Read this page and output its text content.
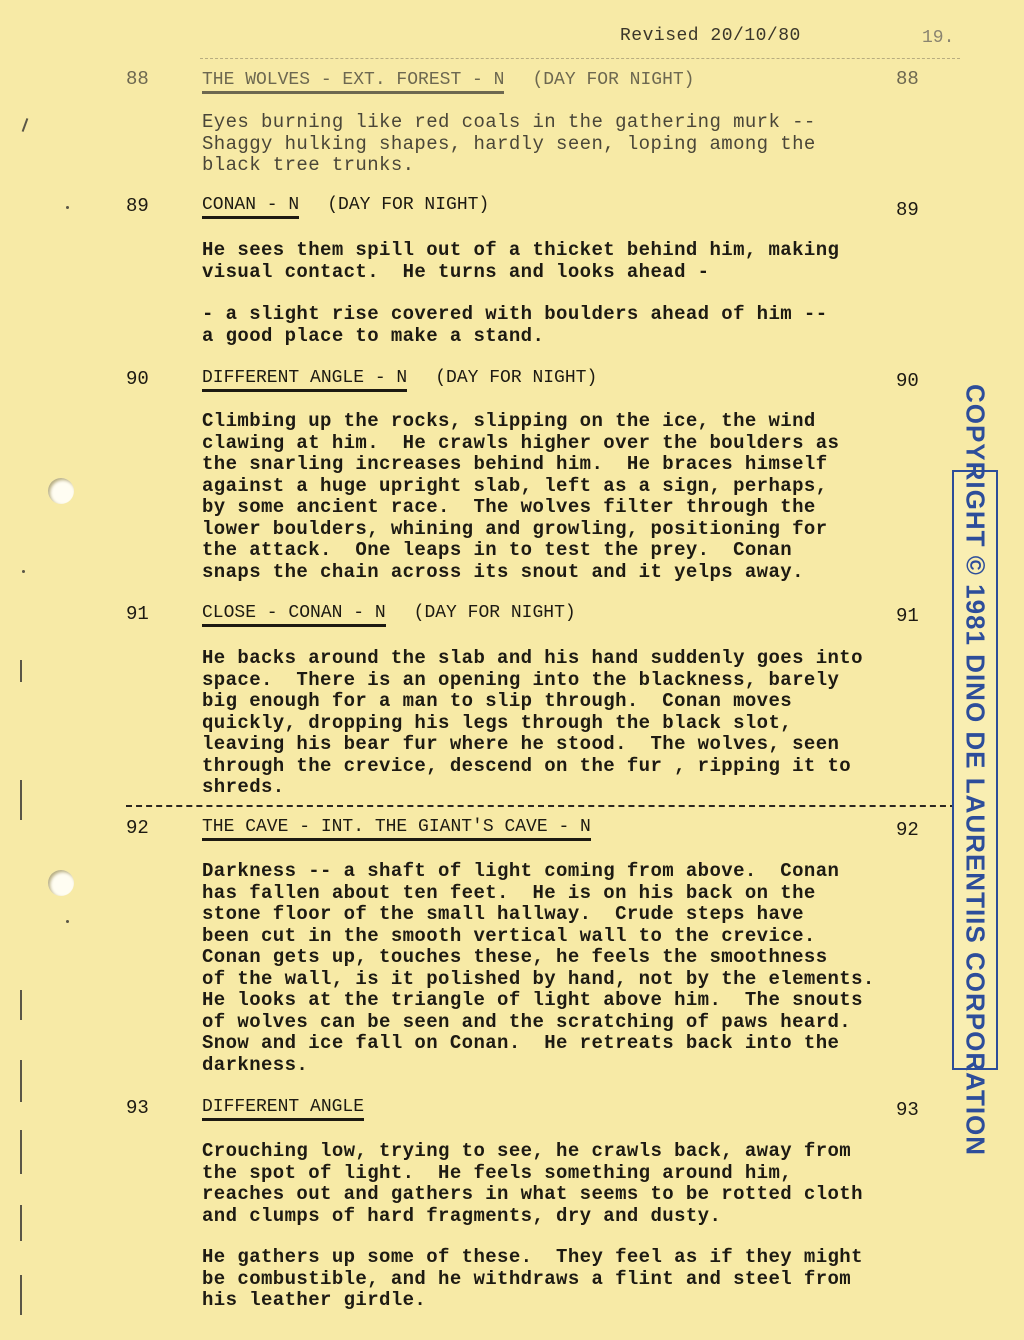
Revised 20/10/80	19.
88	THE WOLVES - EXT. FOREST - N (DAY FOR NIGHT)	88
Eyes burning like red coals in the gathering murk --
Shaggy hulking shapes, hardly seen, loping among the
black tree trunks.
89	CONAN - N (DAY FOR NIGHT)	89
He sees them spill out of a thicket behind him, making
visual contact.  He turns and looks ahead -
- a slight rise covered with boulders ahead of him --
a good place to make a stand.
90	DIFFERENT ANGLE - N (DAY FOR NIGHT)	90
Climbing up the rocks, slipping on the ice, the wind
clawing at him.  He crawls higher over the boulders as
the snarling increases behind him.  He braces himself
against a huge upright slab, left as a sign, perhaps,
by some ancient race.  The wolves filter through the
lower boulders, whining and growling, positioning for
the attack.  One leaps in to test the prey.  Conan
snaps the chain across its snout and it yelps away.
91	CLOSE - CONAN - N (DAY FOR NIGHT)	91
He backs around the slab and his hand suddenly goes into
space.  There is an opening into the blackness, barely
big enough for a man to slip through.  Conan moves
quickly, dropping his legs through the black slot,
leaving his bear fur where he stood.  The wolves, seen
through the crevice, descend on the fur , ripping it to
shreds.
92	THE CAVE - INT. THE GIANT'S CAVE - N	92
Darkness -- a shaft of light coming from above.  Conan
has fallen about ten feet.  He is on his back on the
stone floor of the small hallway.  Crude steps have
been cut in the smooth vertical wall to the crevice.
Conan gets up, touches these, he feels the smoothness
of the wall, is it polished by hand, not by the elements.
He looks at the triangle of light above him.  The snouts
of wolves can be seen and the scratching of paws heard.
Snow and ice fall on Conan.  He retreats back into the
darkness.
93	DIFFERENT ANGLE	93
Crouching low, trying to see, he crawls back, away from
the spot of light.  He feels something around him,
reaches out and gathers in what seems to be rotted cloth
and clumps of hard fragments, dry and dusty.
He gathers up some of these.  They feel as if they might
be combustible, and he withdraws a flint and steel from
his leather girdle.
COPYRIGHT © 1981 DINO DE LAURENTIIS CORPORATION
